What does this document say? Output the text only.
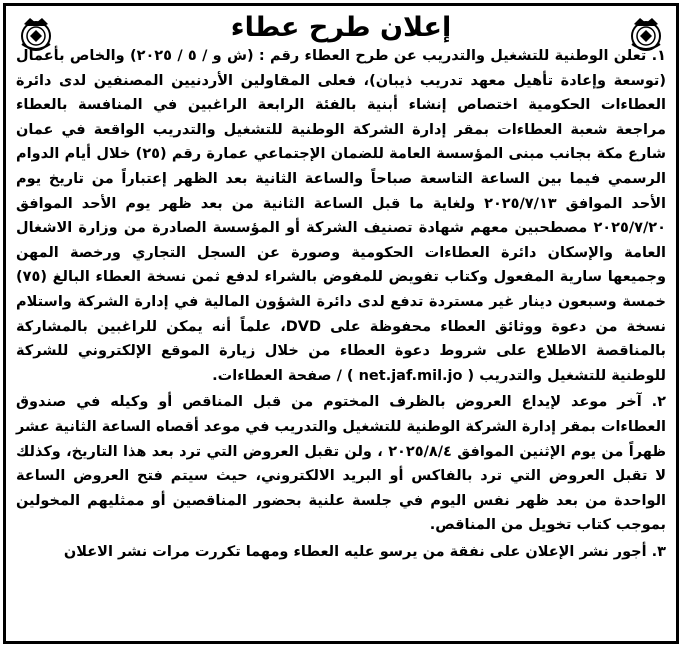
إعلان طرح عطاء

١. تعلن الوطنية للتشغيل والتدريب عن طرح العطاء رقم : (ش و / ٥ / ٢٠٢٥) والخاص بأعمال (توسعة وإعادة تأهيل معهد تدريب ذيبان)، فعلى المقاولين الأردنيين المصنفين لدى دائرة العطاءات الحكومية اختصاص إنشاء أبنية بالفئة الرابعة الراغبين في المنافسة بالعطاء مراجعة شعبة العطاءات بمقر إدارة الشركة الوطنية للتشغيل والتدريب الواقعة في عمان شارع مكة بجانب مبنى المؤسسة العامة للضمان الإجتماعي عمارة رقم (٢٥) خلال أيام الدوام الرسمي فيما بين الساعة التاسعة صباحاً والساعة الثانية بعد الظهر إعتباراً من تاريخ يوم الأحد الموافق ٢٠٢٥/٧/١٣ ولغاية ما قبل الساعة الثانية من بعد ظهر يوم الأحد الموافق ٢٠٢٥/٧/٢٠ مصطحبين معهم شهادة تصنيف الشركة أو المؤسسة الصادرة من وزارة الاشغال العامة والإسكان دائرة العطاءات الحكومية وصورة عن السجل التجاري ورخصة المهن وجميعها سارية المفعول وكتاب تفويض للمفوض بالشراء لدفع ثمن نسخة العطاء البالغ (٧٥) خمسة وسبعون دينار غير مستردة تدفع لدى دائرة الشؤون المالية في إدارة الشركة واستلام نسخة من دعوة ووثائق العطاء محفوظة على DVD، علماً أنه يمكن للراغبين بالمشاركة بالمناقصة الاطلاع على شروط دعوة العطاء من خلال زيارة الموقع الإلكتروني للشركة للوطنية للتشغيل والتدريب ( net.jaf.mil.jo ) / صفحة العطاءات.

٢. آخر موعد لإيداع العروض بالظرف المختوم من قبل المناقص أو وكيله في صندوق العطاءات بمقر إدارة الشركة الوطنية للتشغيل والتدريب في موعد أقصاه الساعة الثانية عشر ظهراً من يوم الإثنين الموافق ٢٠٢٥/٨/٤ ، ولن تقبل العروض التي ترد بعد هذا التاريخ، وكذلك لا تقبل العروض التي ترد بالفاكس أو البريد الالكتروني، حيث سيتم فتح العروض الساعة الواحدة من بعد ظهر نفس اليوم في جلسة علنية بحضور المناقصين أو ممثليهم المخولين بموجب كتاب تخويل من المناقص.

٣. أجور نشر الإعلان على نفقة من يرسو عليه العطاء ومهما تكررت مرات نشر الاعلان
